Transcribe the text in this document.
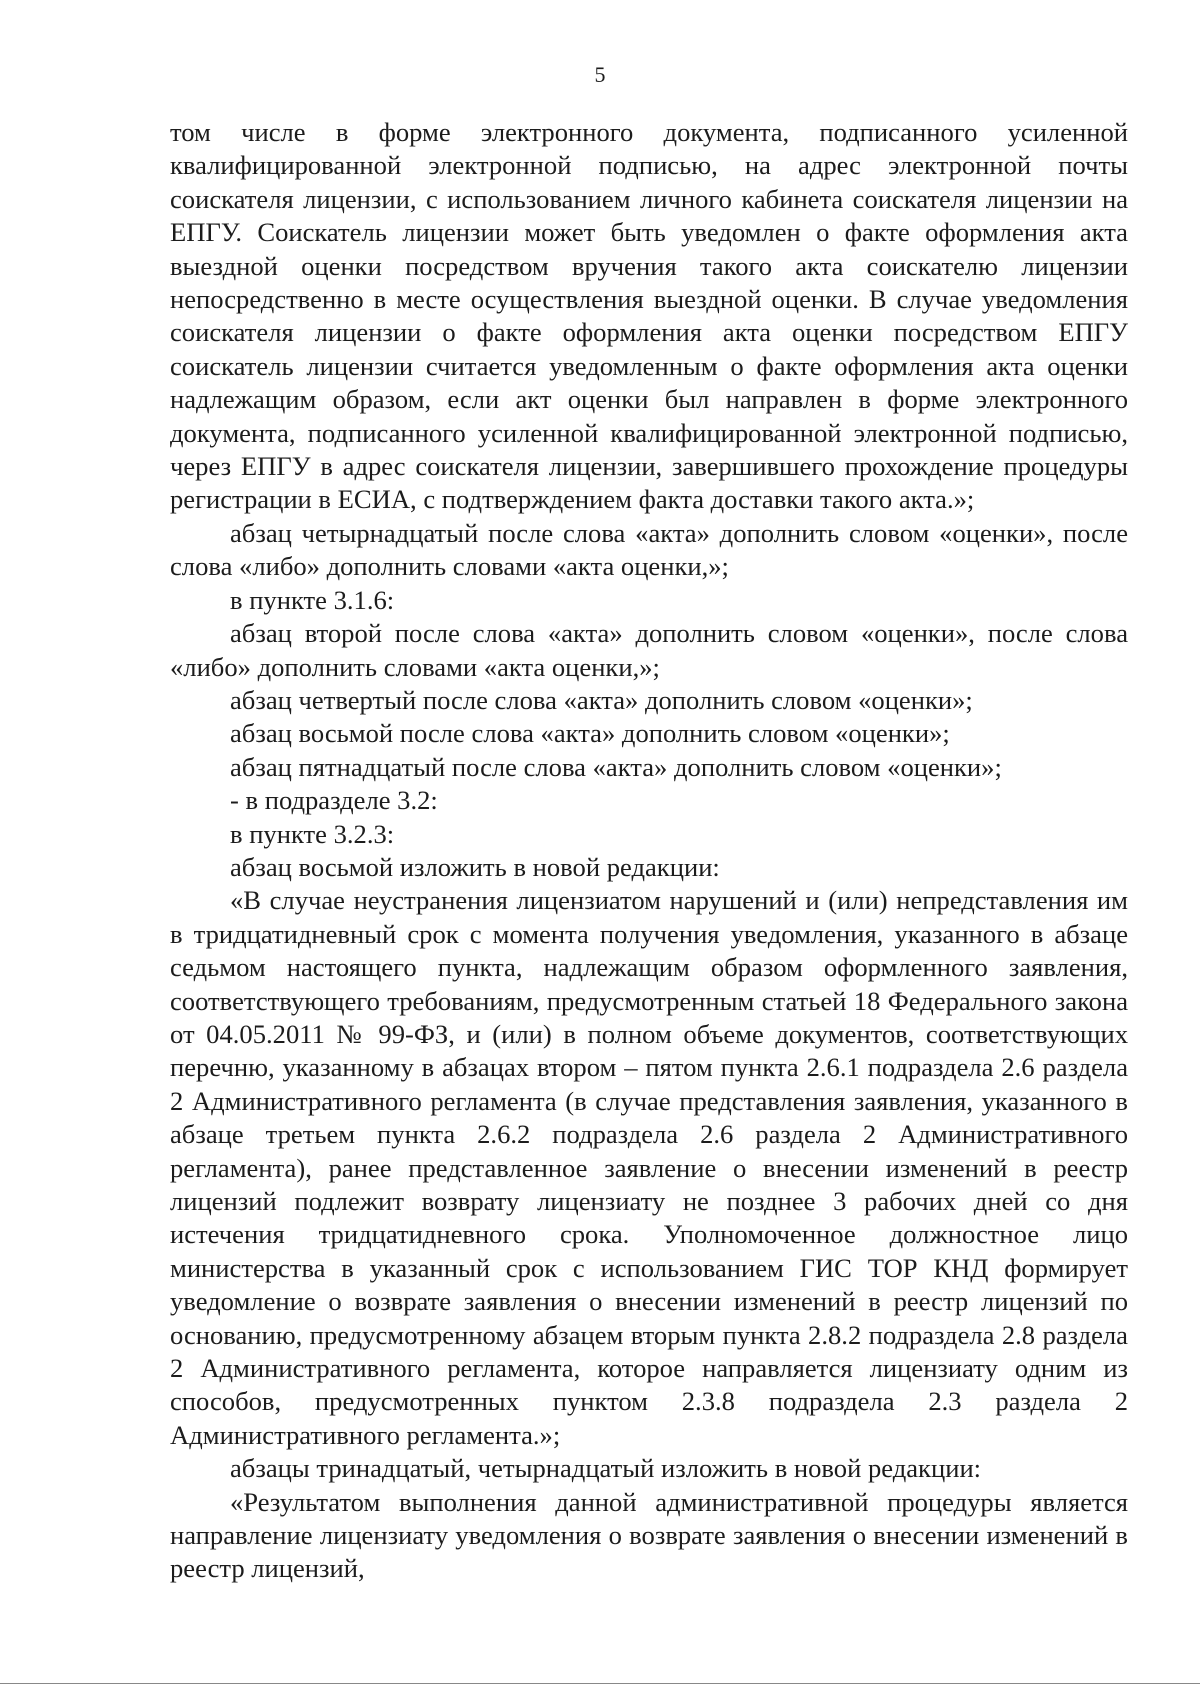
5

том числе в форме электронного документа, подписанного усиленной квалифицированной электронной подписью, на адрес электронной почты соискателя лицензии, с использованием личного кабинета соискателя лицензии на ЕПГУ. Соискатель лицензии может быть уведомлен о факте оформления акта выездной оценки посредством вручения такого акта соискателю лицензии непосредственно в месте осуществления выездной оценки. В случае уведомления соискателя лицензии о факте оформления акта оценки посредством ЕПГУ соискатель лицензии считается уведомленным о факте оформления акта оценки надлежащим образом, если акт оценки был направлен в форме электронного документа, подписанного усиленной квалифицированной электронной подписью, через ЕПГУ в адрес соискателя лицензии, завершившего прохождение процедуры регистрации в ЕСИА, с подтверждением факта доставки такого акта.»;

абзац четырнадцатый после слова «акта» дополнить словом «оценки», после слова «либо» дополнить словами «акта оценки,»;

в пункте 3.1.6:

абзац второй после слова «акта» дополнить словом «оценки», после слова «либо» дополнить словами «акта оценки,»;

абзац четвертый после слова «акта» дополнить словом «оценки»;

абзац восьмой после слова «акта» дополнить словом «оценки»;

абзац пятнадцатый после слова «акта» дополнить словом «оценки»;

- в подразделе 3.2:

в пункте 3.2.3:

абзац восьмой изложить в новой редакции:

«В случае неустранения лицензиатом нарушений и (или) непредставления им в тридцатидневный срок с момента получения уведомления, указанного в абзаце седьмом настоящего пункта, надлежащим образом оформленного заявления, соответствующего требованиям, предусмотренным статьей 18 Федерального закона от 04.05.2011 № 99-ФЗ, и (или) в полном объеме документов, соответствующих перечню, указанному в абзацах втором – пятом пункта 2.6.1 подраздела 2.6 раздела 2 Административного регламента (в случае представления заявления, указанного в абзаце третьем пункта 2.6.2 подраздела 2.6 раздела 2 Административного регламента), ранее представленное заявление о внесении изменений в реестр лицензий подлежит возврату лицензиату не позднее 3 рабочих дней со дня истечения тридцатидневного срока. Уполномоченное должностное лицо министерства в указанный срок с использованием ГИС ТОР КНД формирует уведомление о возврате заявления о внесении изменений в реестр лицензий по основанию, предусмотренному абзацем вторым пункта 2.8.2 подраздела 2.8 раздела 2 Административного регламента, которое направляется лицензиату одним из способов, предусмотренных пунктом 2.3.8 подраздела 2.3 раздела 2 Административного регламента.»;

абзацы тринадцатый, четырнадцатый изложить в новой редакции:

«Результатом выполнения данной административной процедуры является направление лицензиату уведомления о возврате заявления о внесении изменений в реестр лицензий,
